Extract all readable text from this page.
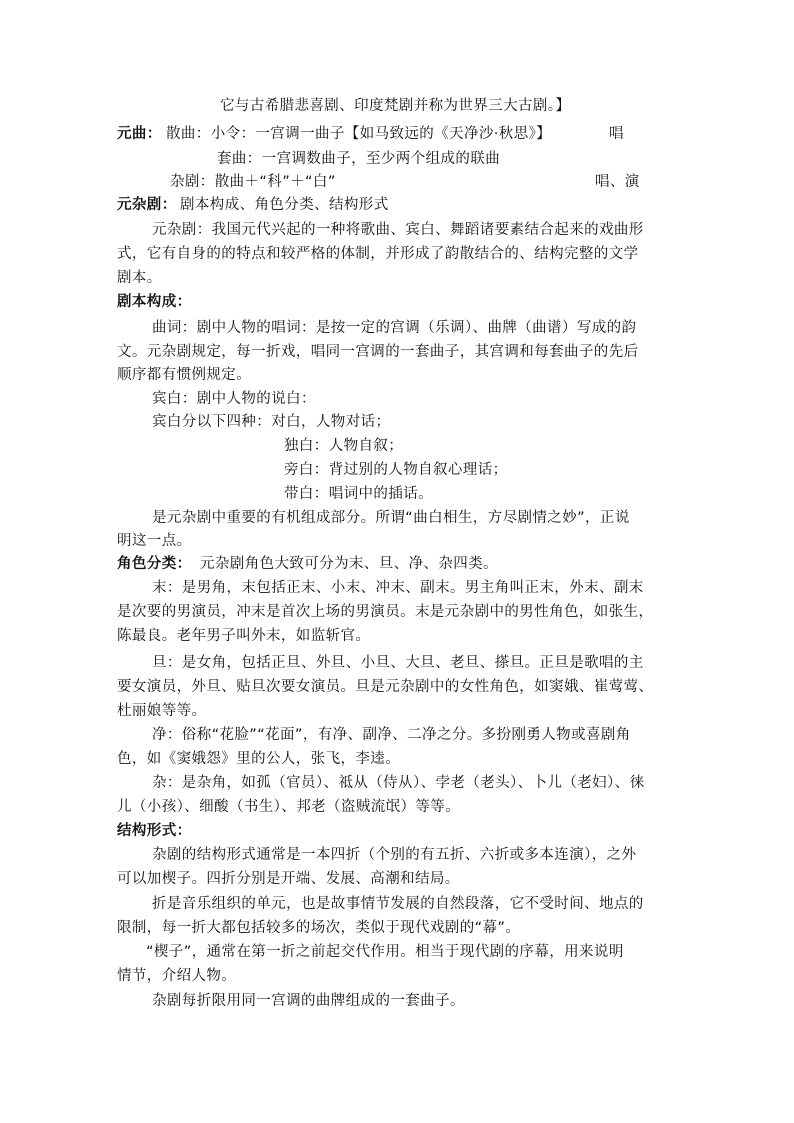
它与古希腊悲喜剧、印度梵剧并称为世界三大古剧。】
元曲： 散曲：小令：一宫调一曲子【如马致远的《天净沙·秋思》】	唱
套曲：一宫调数曲子，至少两个组成的联曲
杂剧：散曲＋“科”＋“白”	唱、演
元杂剧： 剧本构成、角色分类、结构形式
元杂剧：我国元代兴起的一种将歌曲、宾白、舞蹈诸要素结合起来的戏曲形
式，它有自身的的特点和较严格的体制，并形成了韵散结合的、结构完整的文学
剧本。
剧本构成：
曲词：剧中人物的唱词：是按一定的宫调（乐调）、曲牌（曲谱）写成的韵
文。元杂剧规定，每一折戏，唱同一宫调的一套曲子，其宫调和每套曲子的先后
顺序都有惯例规定。
宾白：剧中人物的说白：
宾白分以下四种：对白，人物对话；
独白：人物自叙；
旁白：背过别的人物自叙心理话；
带白：唱词中的插话。
是元杂剧中重要的有机组成部分。所谓“曲白相生，方尽剧情之妙”，正说
明这一点。
角色分类： 元杂剧角色大致可分为末、旦、净、杂四类。
末：是男角，末包括正末、小末、冲末、副末。男主角叫正末，外末、副末
是次要的男演员，冲末是首次上场的男演员。末是元杂剧中的男性角色，如张生，
陈最良。老年男子叫外末，如监斩官。
旦：是女角，包括正旦、外旦、小旦、大旦、老旦、搽旦。正旦是歌唱的主
要女演员，外旦、贴旦次要女演员。旦是元杂剧中的女性角色，如窦娥、崔莺莺、
杜丽娘等等。
净：俗称“花脸”“花面”，有净、副净、二净之分。多扮刚勇人物或喜剧角
色，如《窦娥怨》里的公人，张飞，李逵。
杂：是杂角，如孤（官员）、祗从（侍从）、孛老（老头）、卜儿（老妇）、徕
儿（小孩）、细酸（书生）、邦老（盗贼流氓）等等。
结构形式：
杂剧的结构形式通常是一本四折（个别的有五折、六折或多本连演），之外
可以加楔子。四折分别是开端、发展、高潮和结局。
折是音乐组织的单元，也是故事情节发展的自然段落，它不受时间、地点的
限制，每一折大都包括较多的场次，类似于现代戏剧的“幕”。
“楔子”，通常在第一折之前起交代作用。相当于现代剧的序幕，用来说明
情节，介绍人物。
杂剧每折限用同一宫调的曲牌组成的一套曲子。
